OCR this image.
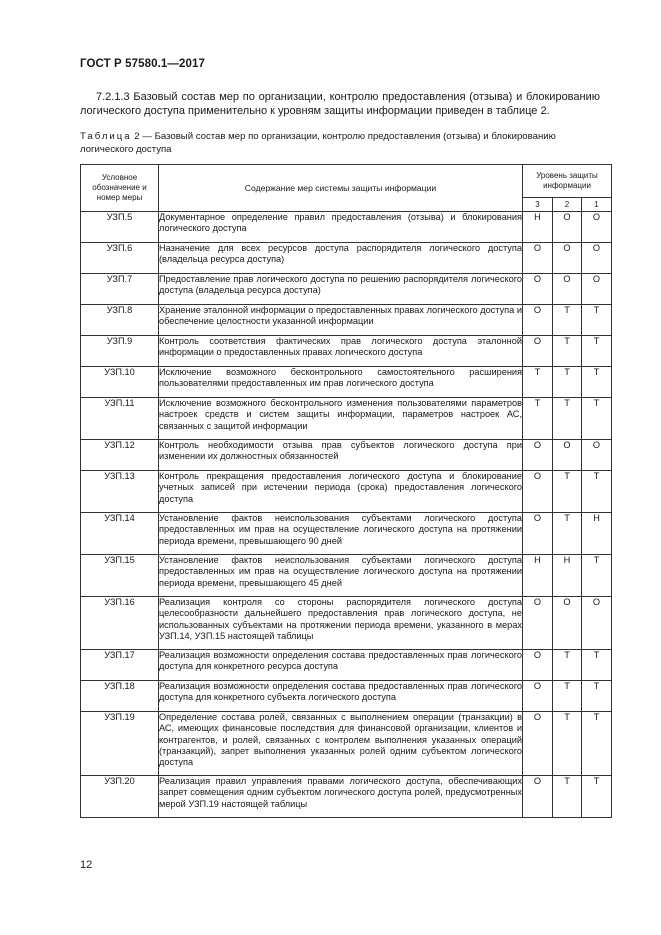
ГОСТ Р 57580.1—2017
7.2.1.3 Базовый состав мер по организации, контролю предоставления (отзыва) и блокированию логического доступа применительно к уровням защиты информации приведен в таблице 2.
Таблица 2 — Базовый состав мер по организации, контролю предоставления (отзыва) и блокированию логического доступа
Условное обозначение и номер меры	Содержание мер системы защиты информации	Уровень защиты информации		
		3	2	1
УЗП.5	Документарное определение правил предоставления (отзыва) и блокирования логического доступа	Н	О	О
УЗП.6	Назначение для всех ресурсов доступа распорядителя логического доступа (владельца ресурса доступа)	О	О	О
УЗП.7	Предоставление прав логического доступа по решению распорядителя логического доступа (владельца ресурса доступа)	О	О	О
УЗП.8	Хранение эталонной информации о предоставленных правах логического доступа и обеспечение целостности указанной информации	О	Т	Т
УЗП.9	Контроль соответствия фактических прав логического доступа эталонной информации о предоставленных правах логического доступа	О	Т	Т
УЗП.10	Исключение возможного бесконтрольного самостоятельного расширения пользователями предоставленных им прав логического доступа	Т	Т	Т
УЗП.11	Исключение возможного бесконтрольного изменения пользователями параметров настроек средств и систем защиты информации, параметров настроек АС, связанных с защитой информации	Т	Т	Т
УЗП.12	Контроль необходимости отзыва прав субъектов логического доступа при изменении их должностных обязанностей	О	О	О
УЗП.13	Контроль прекращения предоставления логического доступа и блокирование учетных записей при истечении периода (срока) предоставления логического доступа	О	Т	Т
УЗП.14	Установление фактов неиспользования субъектами логического доступа предоставленных им прав на осуществление логического доступа на протяжении периода времени, превышающего 90 дней	О	Т	Н
УЗП.15	Установление фактов неиспользования субъектами логического доступа предоставленных им прав на осуществление логического доступа на протяжении периода времени, превышающего 45 дней	Н	Н	Т
УЗП.16	Реализация контроля со стороны распорядителя логического доступа целесообразности дальнейшего предоставления прав логического доступа, не использованных субъектами на протяжении периода времени, указанного в мерах УЗП.14, УЗП.15 настоящей таблицы	О	О	О
УЗП.17	Реализация возможности определения состава предоставленных прав логического доступа для конкретного ресурса доступа	О	Т	Т
УЗП.18	Реализация возможности определения состава предоставленных прав логического доступа для конкретного субъекта логического доступа	О	Т	Т
УЗП.19	Определение состава ролей, связанных с выполнением операции (транзакции) в АС, имеющих финансовые последствия для финансовой организации, клиентов и контрагентов, и ролей, связанных с контролем выполнения указанных операций (транзакций), запрет выполнения указанных ролей одним субъектом логического доступа	О	Т	Т
УЗП.20	Реализация правил управления правами логического доступа, обеспечивающих запрет совмещения одним субъектом логического доступа ролей, предусмотренных мерой УЗП.19 настоящей таблицы	О	Т	Т
12
